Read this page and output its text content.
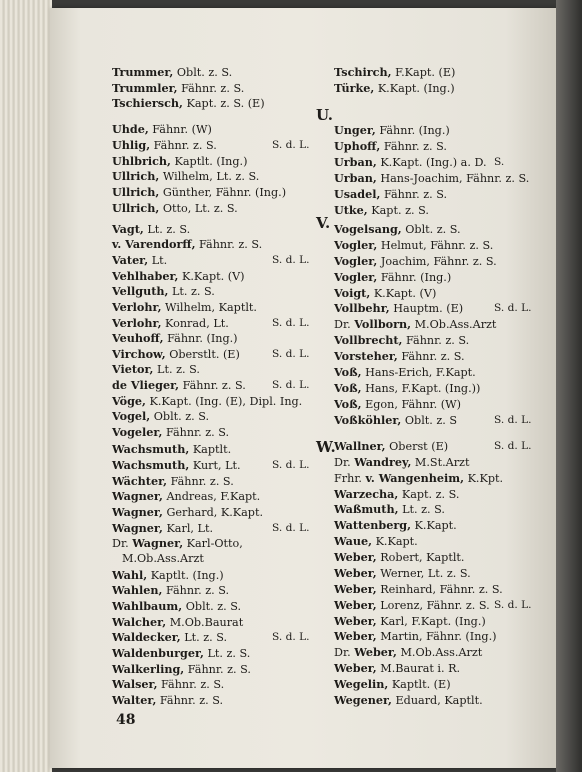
U.
V.
W.
Trummer, Oblt. z. S.
Trummler, Fähnr. z. S.
Tschiersch, Kapt. z. S. (E)
Uhde, Fähnr. (W)
Uhlig, Fähnr. z. S.	S. d. L.
Uhlbrich, Kaptlt. (Ing.)
Ullrich, Wilhelm, Lt. z. S.
Ullrich, Günther, Fähnr. (Ing.)
Ullrich, Otto, Lt. z. S.
Vagt, Lt. z. S.
v. Varendorff, Fähnr. z. S.
Vater, Lt.	S. d. L.
Vehlhaber, K.Kapt. (V)
Vellguth, Lt. z. S.
Verlohr, Wilhelm, Kaptlt.
Verlohr, Konrad, Lt.	S. d. L.
Veuhoff, Fähnr. (Ing.)
Virchow, Oberstlt. (E)	S. d. L.
Vietor, Lt. z. S.
de Vlieger, Fähnr. z. S. S. d. L.
Vöge, K.Kapt. (Ing. (E), Dipl. Ing.
Vogel, Oblt. z. S.
Vogeler, Fähnr. z. S.
Wachsmuth, Kaptlt.
Wachsmuth, Kurt, Lt.	S. d. L.
Wächter, Fähnr. z. S.
Wagner, Andreas, F.Kapt.
Wagner, Gerhard, K.Kapt.
Wagner, Karl, Lt.	S. d. L.
Dr. Wagner, Karl-Otto,
M.Ob.Ass.Arzt
Wahl, Kaptlt. (Ing.)
Wahlen, Fähnr. z. S.
Wahlbaum, Oblt. z. S.
Walcher, M.Ob.Baurat
Waldecker, Lt. z. S.	S. d. L.
Waldenburger, Lt. z. S.
Walkerling, Fähnr. z. S.
Walser, Fähnr. z. S.
Walter, Fähnr. z. S.
Tschirch, F.Kapt. (E)
Türke, K.Kapt. (Ing.)
Unger, Fähnr. (Ing.)
Uphoff, Fähnr. z. S.
Urban, K.Kapt. (Ing.) a. D. S.
Urban, Hans-Joachim, Fähnr. z. S.
Usadel, Fähnr. z. S.
Utke, Kapt. z. S.
Vogelsang, Oblt. z. S.
Vogler, Helmut, Fähnr. z. S.
Vogler, Joachim, Fähnr. z. S.
Vogler, Fähnr. (Ing.)
Voigt, K.Kapt. (V)
Vollbehr, Hauptm. (E)	S. d. L.
Dr. Vollborn, M.Ob.Ass.Arzt
Vollbrecht, Fähnr. z. S.
Vorsteher, Fähnr. z. S.
Voß, Hans-Erich, F.Kapt.
Voß, Hans, F.Kapt. (Ing.))
Voß, Egon, Fähnr. (W)
Voßköhler, Oblt. z. S	S. d. L.
Wallner, Oberst (E)	S. d. L.
Dr. Wandrey, M.St.Arzt
Frhr. v. Wangenheim, K.Kpt.
Warzecha, Kapt. z. S.
Waßmuth, Lt. z. S.
Wattenberg, K.Kapt.
Waue, K.Kapt.
Weber, Robert, Kaptlt.
Weber, Werner, Lt. z. S.
Weber, Reinhard, Fähnr. z. S.
Weber, Lorenz, Fähnr. z. S. S. d. L.
Weber, Karl, F.Kapt. (Ing.)
Weber, Martin, Fähnr. (Ing.)
Dr. Weber, M.Ob.Ass.Arzt
Weber, M.Baurat i. R.
Wegelin, Kaptlt. (E)
Wegener, Eduard, Kaptlt.
48
